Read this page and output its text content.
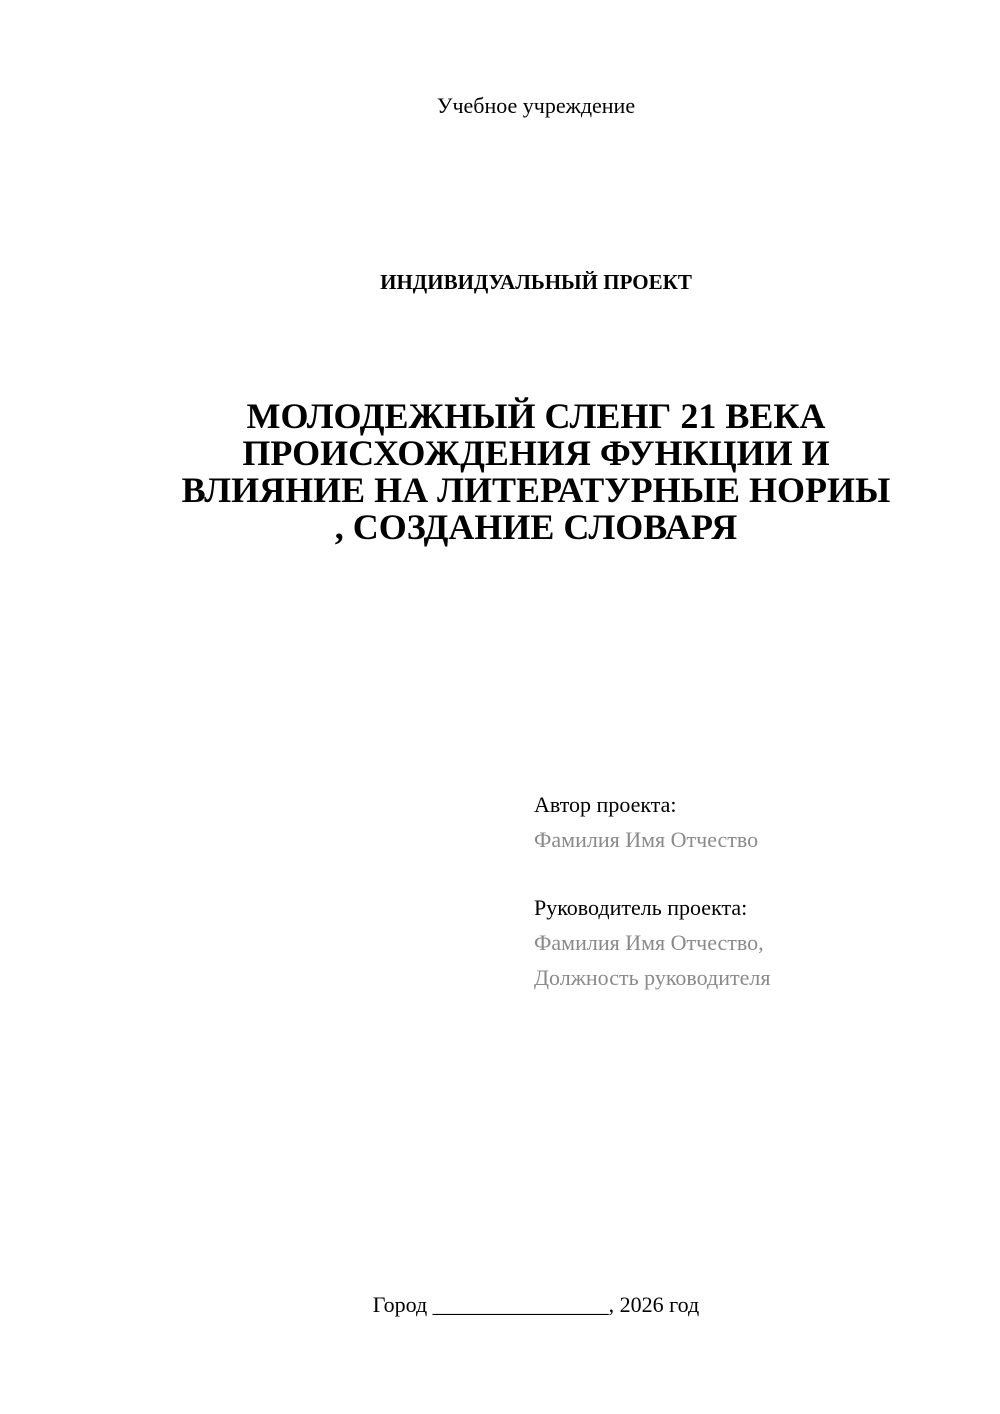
Учебное учреждение
ИНДИВИДУАЛЬНЫЙ ПРОЕКТ
МОЛОДЕЖНЫЙ СЛЕНГ 21 ВЕКА
ПРОИСХОЖДЕНИЯ ФУНКЦИИ И
ВЛИЯНИЕ НА ЛИТЕРАТУРНЫЕ НОРИЫ
, СОЗДАНИЕ СЛОВАРЯ
Автор проекта:
Фамилия Имя Отчество
Руководитель проекта:
Фамилия Имя Отчество,
Должность руководителя
Город ________________, 2026 год
